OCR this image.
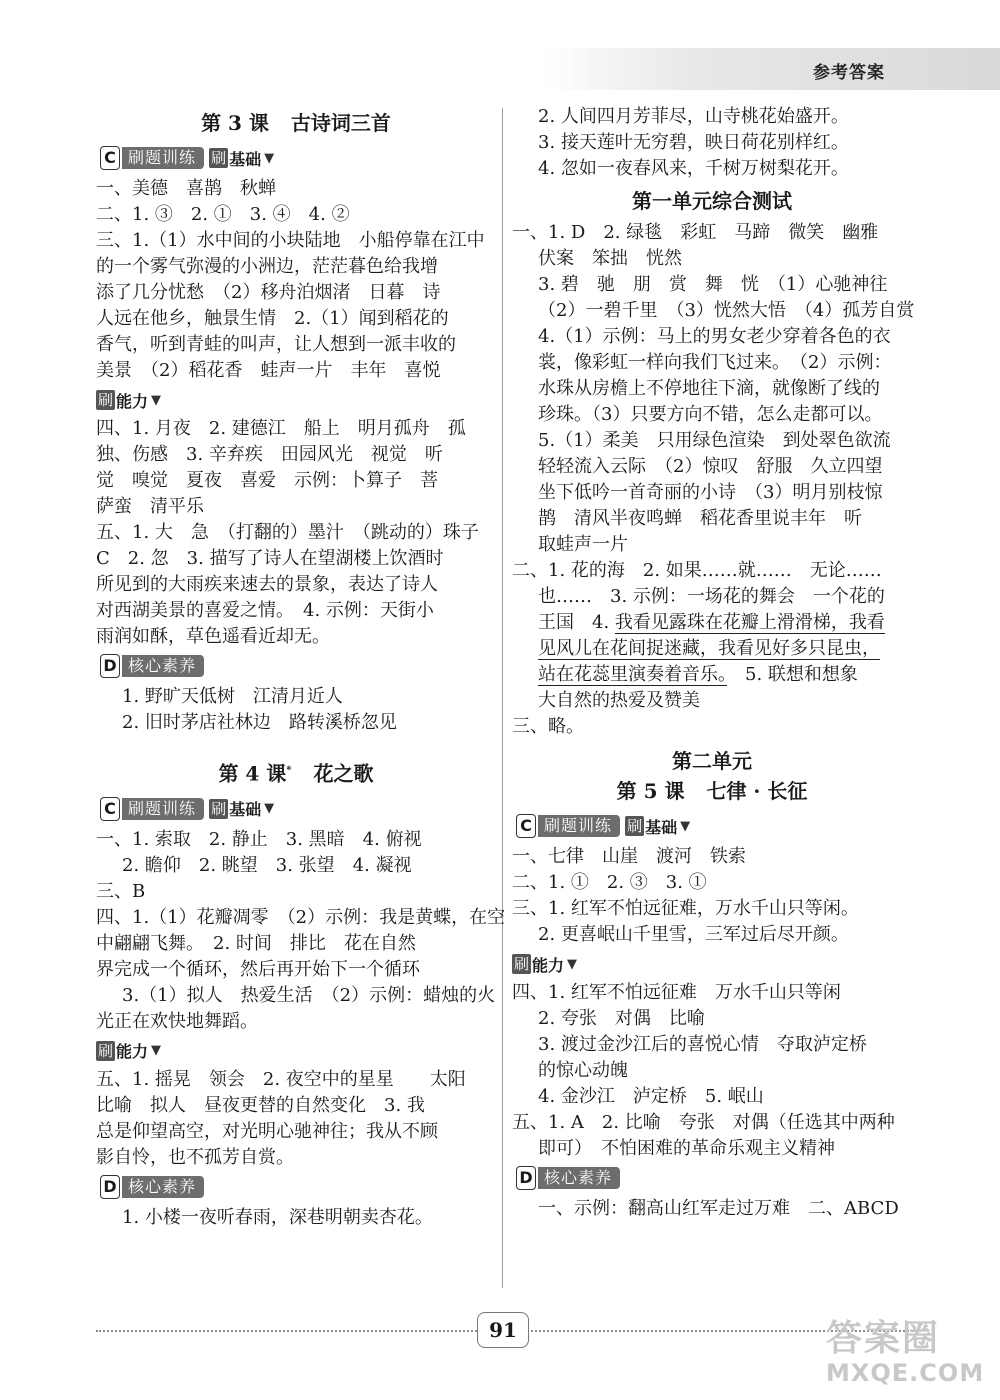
参考答案
第 3 课 古诗词三首
C 刷题训练
	刷 基础 ▼
一、美德　喜鹊　秋蝉
二、1. ③　2. ①　3. ④　4. ②
三、1.（1）水中间的小块陆地　小船停靠在江中
的一个雾气弥漫的小洲边，茫茫暮色给我增
添了几分忧愁　（2）移舟泊烟渚　日暮　诗
人远在他乡，触景生情　2.（1）闻到稻花的
香气，听到青蛙的叫声，让人想到一派丰收的
美景　（2）稻花香　蛙声一片　丰年　喜悦
刷 能力 ▼
四、1. 月夜　2. 建德江　船上　明月孤舟　孤
独、伤感　3. 辛弃疾　田园风光　视觉　听
觉　嗅觉　夏夜　喜爱　示例：卜算子　菩
萨蛮　清平乐
五、1. 大　急　（打翻的）墨汁　（跳动的）珠子
C　2. 忽　3. 描写了诗人在望湖楼上饮酒时
所见到的大雨疾来速去的景象，表达了诗人
对西湖美景的喜爱之情。　4. 示例：天街小
雨润如酥，草色遥看近却无。
D 核心素养
1. 野旷天低树　江清月近人
2. 旧时茅店社林边　路转溪桥忽见
第 4 课* 花之歌
C 刷题训练
	刷 基础 ▼
一、1. 索取　2. 静止　3. 黑暗　4. 俯视
2. 瞻仰　2. 眺望　3. 张望　4. 凝视
三、B
四、1.（1）花瓣凋零　（2）示例：我是黄蝶，在空
中翩翩飞舞。　2. 时间　排比　花在自然
界完成一个循环，然后再开始下一个循环
3.（1）拟人　热爱生活　（2）示例：蜡烛的火
光正在欢快地舞蹈。
刷 能力 ▼
五、1. 摇晃　领会　2. 夜空中的星星　　太阳
比喻　拟人　昼夜更替的自然变化　3. 我
总是仰望高空，对光明心驰神往；我从不顾
影自怜，也不孤芳自赏。
D 核心素养
1. 小楼一夜听春雨，深巷明朝卖杏花。
2. 人间四月芳菲尽，山寺桃花始盛开。
3. 接天莲叶无穷碧，映日荷花别样红。
4. 忽如一夜春风来，千树万树梨花开。
第一单元综合测试
一、1. D　2. 绿毯　彩虹　马蹄　微笑　幽雅
伏案　笨拙　恍然
3. 碧　驰　朋　赏　舞　恍　（1）心驰神往
（2）一碧千里　（3）恍然大悟　（4）孤芳自赏
4.（1）示例：马上的男女老少穿着各色的衣
裳，像彩虹一样向我们飞过来。　（2）示例：
水珠从房檐上不停地往下滴，就像断了线的
珍珠。（3）只要方向不错，怎么走都可以。
5.（1）柔美　只用绿色渲染　到处翠色欲流
轻轻流入云际　（2）惊叹　舒服　久立四望
坐下低吟一首奇丽的小诗　（3）明月别枝惊
鹊　清风半夜鸣蝉　稻花香里说丰年　听
取蛙声一片
二、1. 花的海　2. 如果……就……　无论……
也……　3. 示例：一场花的舞会　一个花的
王国　4. 我看见露珠在花瓣上滑滑梯，我看
见风儿在花间捉迷藏，我看见好多只昆虫，
站在花蕊里演奏着音乐。　5. 联想和想象
大自然的热爱及赞美
三、略。
第二单元
第 5 课 七律 · 长征
C 刷题训练
	刷 基础 ▼
一、七律　山崖　渡河　铁索
二、1. ①　2. ③　3. ①
三、1. 红军不怕远征难，万水千山只等闲。
2. 更喜岷山千里雪，三军过后尽开颜。
刷 能力 ▼
四、1. 红军不怕远征难　万水千山只等闲
2. 夸张　对偶　比喻
3. 渡过金沙江后的喜悦心情　夺取泸定桥
的惊心动魄
4. 金沙江　泸定桥　5. 岷山
五、1. A　2. 比喻　夸张　对偶（任选其中两种
即可）　不怕困难的革命乐观主义精神
D 核心素养
一、示例：翻高山红军走过万难　二、ABCD
91	答案圈
MXQE.COM
